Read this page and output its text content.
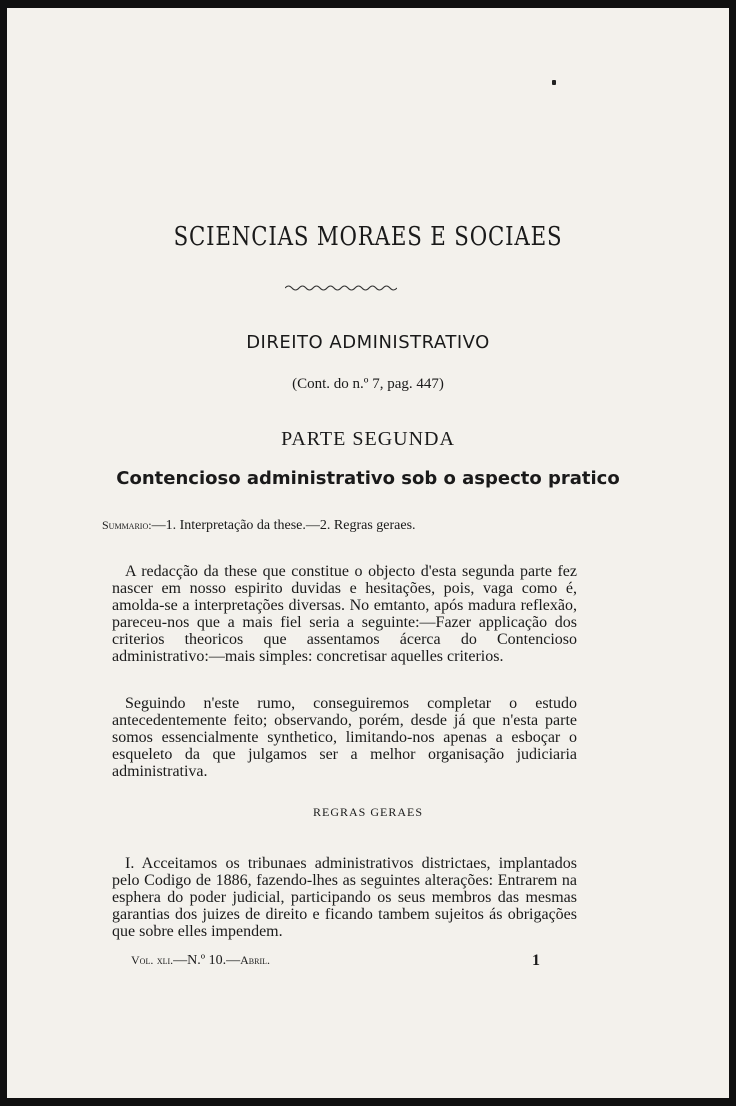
SCIENCIAS MORAES E SOCIAES
DIREITO ADMINISTRATIVO
(Cont. do n.º 7, pag. 447)
PARTE SEGUNDA
Contencioso administrativo sob o aspecto pratico
Summario:—1. Interpretação da these.—2. Regras geraes.

A redacção da these que constitue o objecto d'esta segunda parte fez nascer em nosso espirito duvidas e hesitações, pois, vaga como é, amolda-se a interpretações diversas. No emtanto, após madura reflexão, pareceu-nos que a mais fiel seria a seguinte:—Fazer applicação dos criterios theoricos que assentamos ácerca do Contencioso administrativo:—mais simples: concretisar aquelles criterios.

Seguindo n'este rumo, conseguiremos completar o estudo antecedentemente feito; observando, porém, desde já que n'esta parte somos essencialmente synthetico, limitando-nos apenas a esboçar o esqueleto da que julgamos ser a melhor organisação judiciaria administrativa.

REGRAS GERAES

I. Acceitamos os tribunaes administrativos districtaes, implantados pelo Codigo de 1886, fazendo-lhes as seguintes alterações: Entrarem na esphera do poder judicial, participando os seus membros das mesmas garantias dos juizes de direito e ficando tambem sujeitos ás obrigações que sobre elles impendem.

Vol. xli.—N.º 10.—Abril.	1
